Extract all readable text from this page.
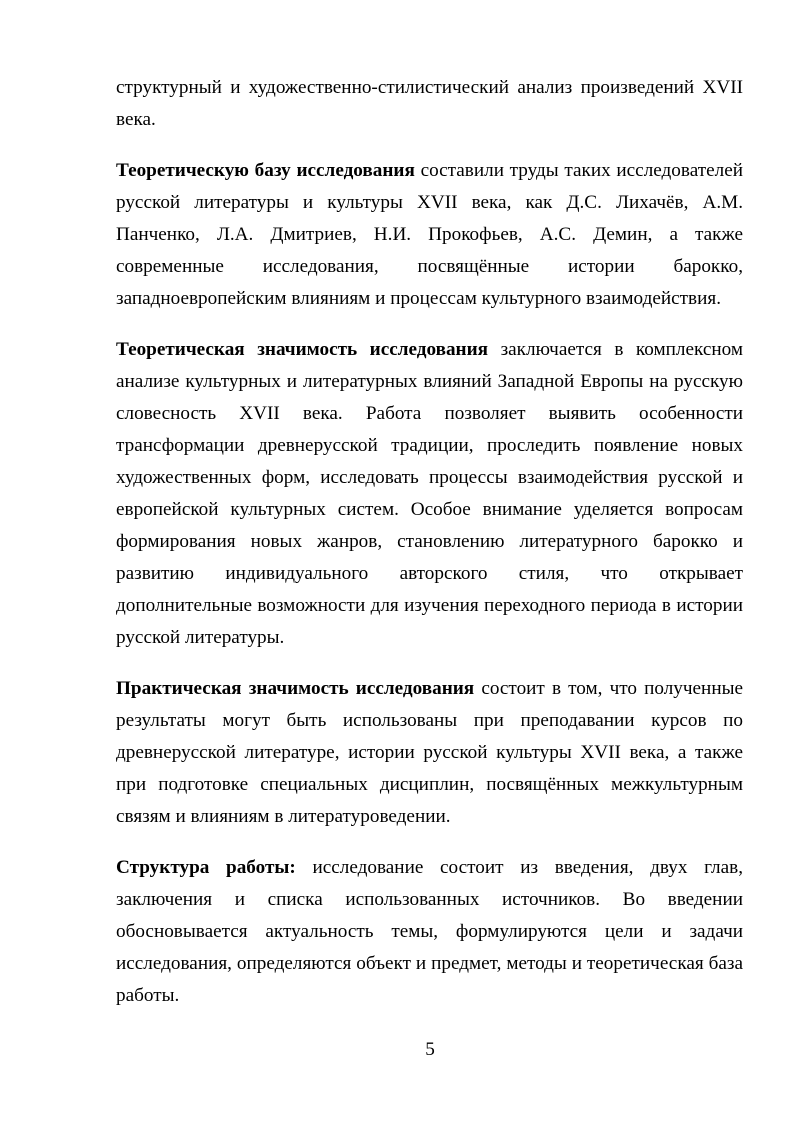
структурный и художественно-стилистический анализ произведений XVII века.

Теоретическую базу исследования составили труды таких исследователей русской литературы и культуры XVII века, как Д.С. Лихачёв, А.М. Панченко, Л.А. Дмитриев, Н.И. Прокофьев, А.С. Демин, а также современные исследования, посвящённые истории барокко, западноевропейским влияниям и процессам культурного взаимодействия.

Теоретическая значимость исследования заключается в комплексном анализе культурных и литературных влияний Западной Европы на русскую словесность XVII века. Работа позволяет выявить особенности трансформации древнерусской традиции, проследить появление новых художественных форм, исследовать процессы взаимодействия русской и европейской культурных систем. Особое внимание уделяется вопросам формирования новых жанров, становлению литературного барокко и развитию индивидуального авторского стиля, что открывает дополнительные возможности для изучения переходного периода в истории русской литературы.

Практическая значимость исследования состоит в том, что полученные результаты могут быть использованы при преподавании курсов по древнерусской литературе, истории русской культуры XVII века, а также при подготовке специальных дисциплин, посвящённых межкультурным связям и влияниям в литературоведении.

Структура работы: исследование состоит из введения, двух глав, заключения и списка использованных источников. Во введении обосновывается актуальность темы, формулируются цели и задачи исследования, определяются объект и предмет, методы и теоретическая база работы.

5
